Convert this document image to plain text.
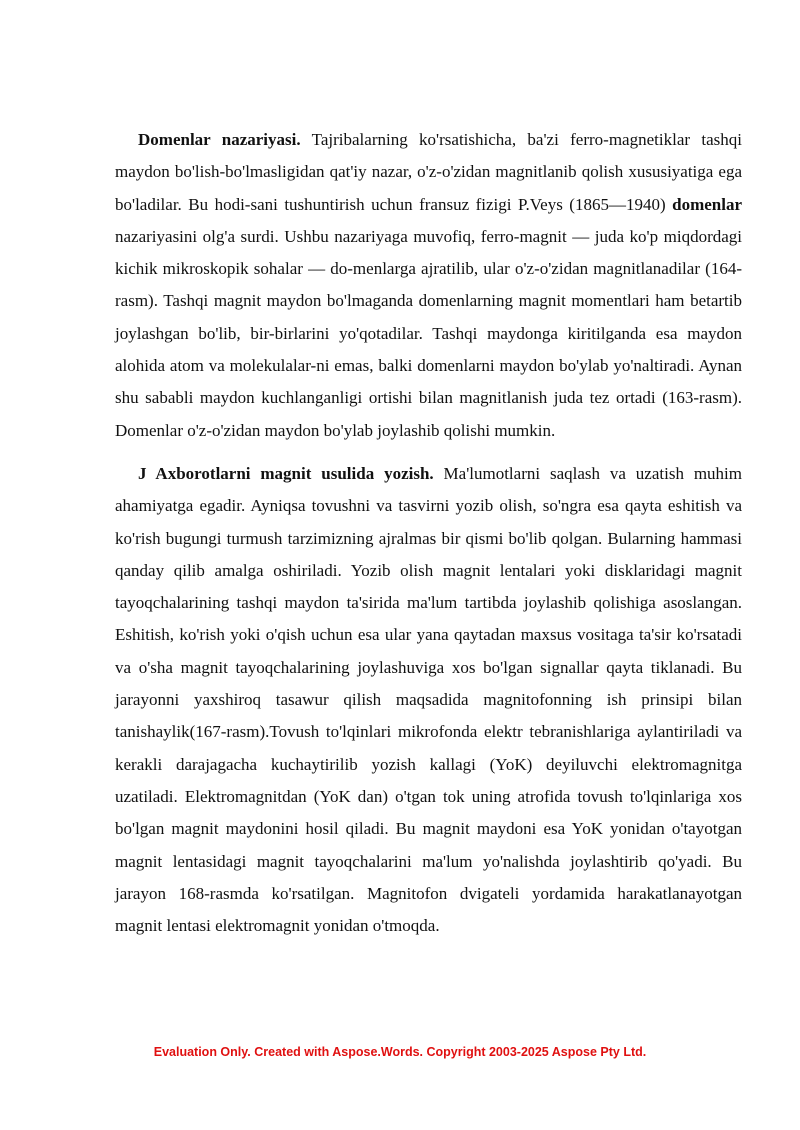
Domenlar nazariyasi. Tajribalarning ko'rsatishicha, ba'zi ferro-magnetiklar tashqi maydon bo'lish-bo'lmasligidan qat'iy nazar, o'z-o'zidan magnitlanib qolish xususiyatiga ega bo'ladilar. Bu hodi-sani tushuntirish uchun fransuz fizigi P.Veys (1865—1940) domenlar nazariyasini olg'a surdi. Ushbu nazariyaga muvofiq, ferro-magnit — juda ko'p miqdordagi kichik mikroskopik sohalar — do-menlarga ajratilib, ular o'z-o'zidan magnitlanadilar (164- rasm). Tashqi magnit maydon bo'lmaganda domenlarning magnit momentlari ham betartib joylashgan bo'lib, bir-birlarini yo'qotadilar. Tashqi maydonga kiritilganda esa maydon alohida atom va molekulalar-ni emas, balki domenlarni maydon bo'ylab yo'naltiradi. Aynan shu sababli maydon kuchlanganligi ortishi bilan magnitlanish juda tez ortadi (163-rasm). Domenlar o'z-o'zidan maydon bo'ylab joylashib qolishi mumkin.

J Axborotlarni magnit usulida yozish. Ma'lumotlarni saqlash va uzatish muhim ahamiyatga egadir. Ayniqsa tovushni va tasvirni yozib olish, so'ngra esa qayta eshitish va ko'rish bugungi turmush tarzimizning ajralmas bir qismi bo'lib qolgan. Bularning hammasi qanday qilib amalga oshiriladi. Yozib olish magnit lentalari yoki disklaridagi magnit tayoqchalarining tashqi maydon ta'sirida ma'lum tartibda joylashib qolishiga asoslangan. Eshitish, ko'rish yoki o'qish uchun esa ular yana qaytadan maxsus vositaga ta'sir ko'rsatadi va o'sha magnit tayoqchalarining joylashuviga xos bo'lgan signallar qayta tiklanadi. Bu jarayonni yaxshiroq tasawur qilish maqsadida magnitofonning ish prinsipi bilan tanishaylik(167-rasm).Tovush to'lqinlari mikrofonda elektr tebranishlariga aylantiriladi va kerakli darajagacha kuchaytirilib yozish kallagi (YoK) deyiluvchi elektromagnitga uzatiladi. Elektromagnitdan (YoK dan) o'tgan tok uning atrofida tovush to'lqinlariga xos bo'lgan magnit maydonini hosil qiladi. Bu magnit maydoni esa YoK yonidan o'tayotgan magnit lentasidagi magnit tayoqchalarini ma'lum yo'nalishda joylashtirib qo'yadi. Bu jarayon 168-rasmda ko'rsatilgan. Magnitofon dvigateli yordamida harakatlanayotgan magnit lentasi elektromagnit yonidan o'tmoqda.

Evaluation Only. Created with Aspose.Words. Copyright 2003-2025 Aspose Pty Ltd.
